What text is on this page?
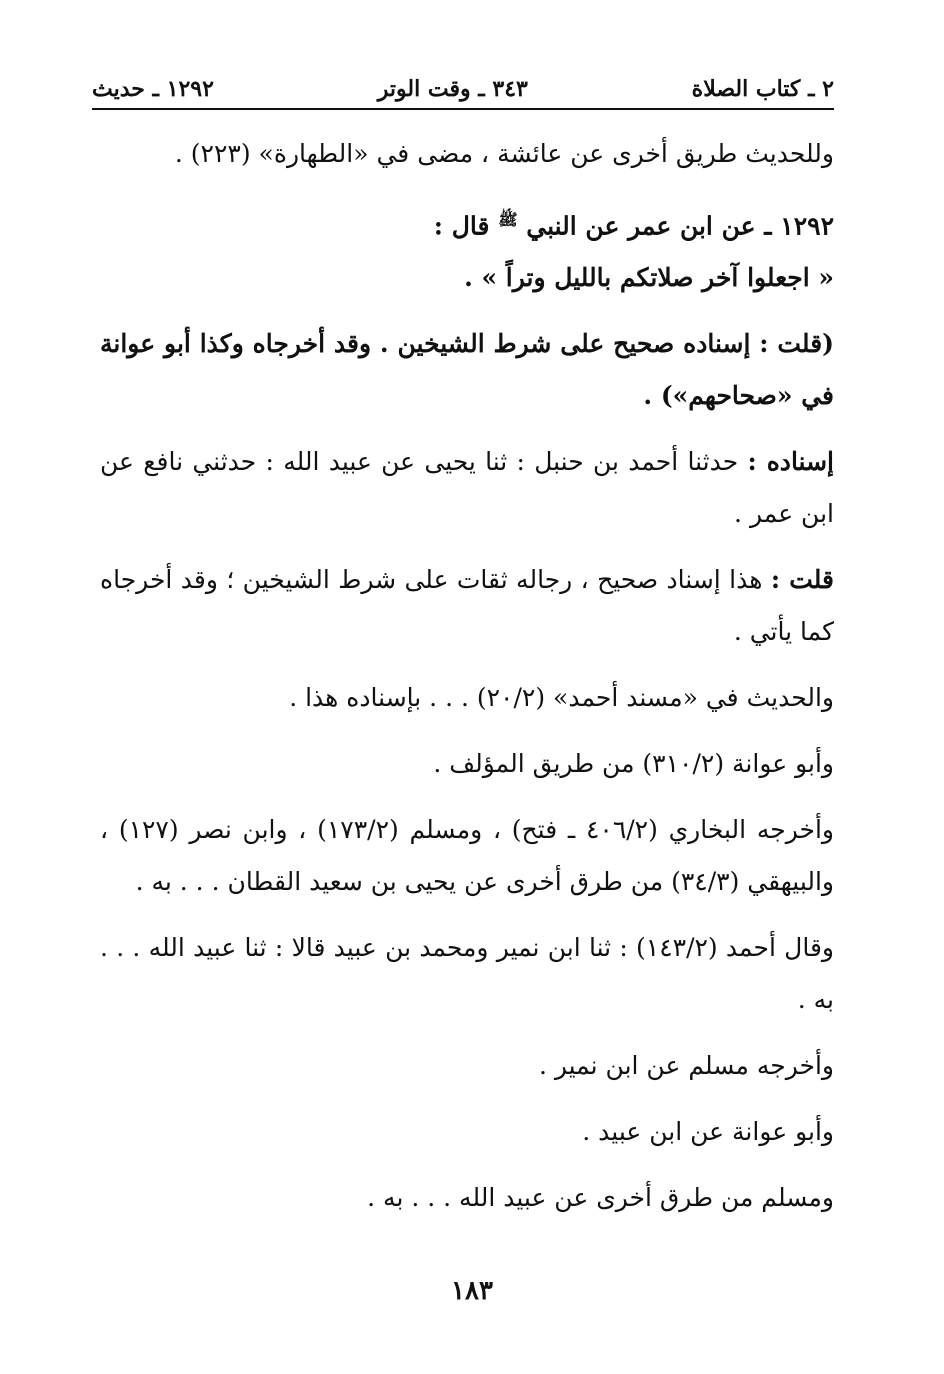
٢ ـ كتاب الصلاة
٣٤٣ ـ وقت الوتر
١٢٩٢ ـ حديث

وللحديث طريق أخرى عن عائشة ، مضى في «الطهارة» (٢٢٣) .

١٢٩٢ ـ عن ابن عمر عن النبي $^ﷺ$ قال :

« اجعلوا آخر صلاتكم بالليل وتراً » .

(قلت : إسناده صحيح على شرط الشيخين . وقد أخرجاه وكذا أبو عوانة في «صحاحهم») .

إسناده : حدثنا أحمد بن حنبل : ثنا يحيى عن عبيد الله : حدثني نافع عن ابن عمر .

قلت : هذا إسناد صحيح ، رجاله ثقات على شرط الشيخين ؛ وقد أخرجاه كما يأتي .

والحديث في «مسند أحمد» (٢٠/٢) . . . بإسناده هذا .

وأبو عوانة (٣١٠/٢) من طريق المؤلف .

وأخرجه البخاري (٤٠٦/٢ ـ فتح) ، ومسلم (١٧٣/٢) ، وابن نصر (١٢٧) ، والبيهقي (٣٤/٣) من طرق أخرى عن يحيى بن سعيد القطان . . . به .

وقال أحمد (١٤٣/٢) : ثنا ابن نمير ومحمد بن عبيد قالا : ثنا عبيد الله . . . به .

وأخرجه مسلم عن ابن نمير .

وأبو عوانة عن ابن عبيد .

ومسلم من طرق أخرى عن عبيد الله . . . به .

١٨٣
